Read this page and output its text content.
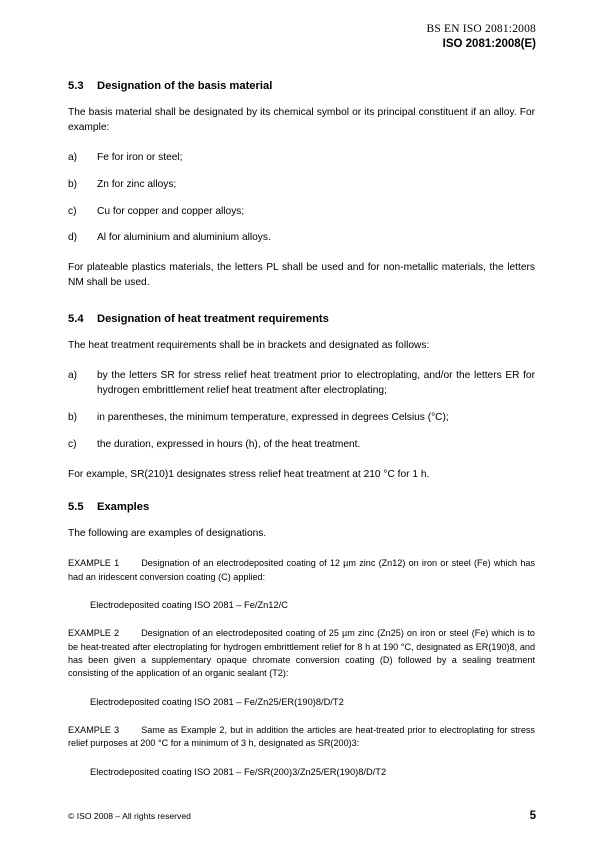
BS EN ISO 2081:2008
ISO 2081:2008(E)
5.3 Designation of the basis material

The basis material shall be designated by its chemical symbol or its principal constituent if an alloy. For example:

a) Fe for iron or steel;
b) Zn for zinc alloys;
c) Cu for copper and copper alloys;
d) Al for aluminium and aluminium alloys.

For plateable plastics materials, the letters PL shall be used and for non-metallic materials, the letters NM shall be used.

5.4 Designation of heat treatment requirements

The heat treatment requirements shall be in brackets and designated as follows:

a) by the letters SR for stress relief heat treatment prior to electroplating, and/or the letters ER for hydrogen embrittlement relief heat treatment after electroplating;
b) in parentheses, the minimum temperature, expressed in degrees Celsius (°C);
c) the duration, expressed in hours (h), of the heat treatment.

For example, SR(210)1 designates stress relief heat treatment at 210 °C for 1 h.

5.5 Examples

The following are examples of designations.

EXAMPLE 1 Designation of an electrodeposited coating of 12 µm zinc (Zn12) on iron or steel (Fe) which has had an iridescent conversion coating (C) applied:

Electrodeposited coating ISO 2081 – Fe/Zn12/C

EXAMPLE 2 Designation of an electrodeposited coating of 25 µm zinc (Zn25) on iron or steel (Fe) which is to be heat-treated after electroplating for hydrogen embrittlement relief for 8 h at 190 °C, designated as ER(190)8, and has been given a supplementary opaque chromate conversion coating (D) followed by a sealing treatment consisting of the application of an organic sealant (T2):

Electrodeposited coating ISO 2081 – Fe/Zn25/ER(190)8/D/T2

EXAMPLE 3 Same as Example 2, but in addition the articles are heat-treated prior to electroplating for stress relief purposes at 200 °C for a minimum of 3 h, designated as SR(200)3:

Electrodeposited coating ISO 2081 – Fe/SR(200)3/Zn25/ER(190)8/D/T2

© ISO 2008 – All rights reserved	5
